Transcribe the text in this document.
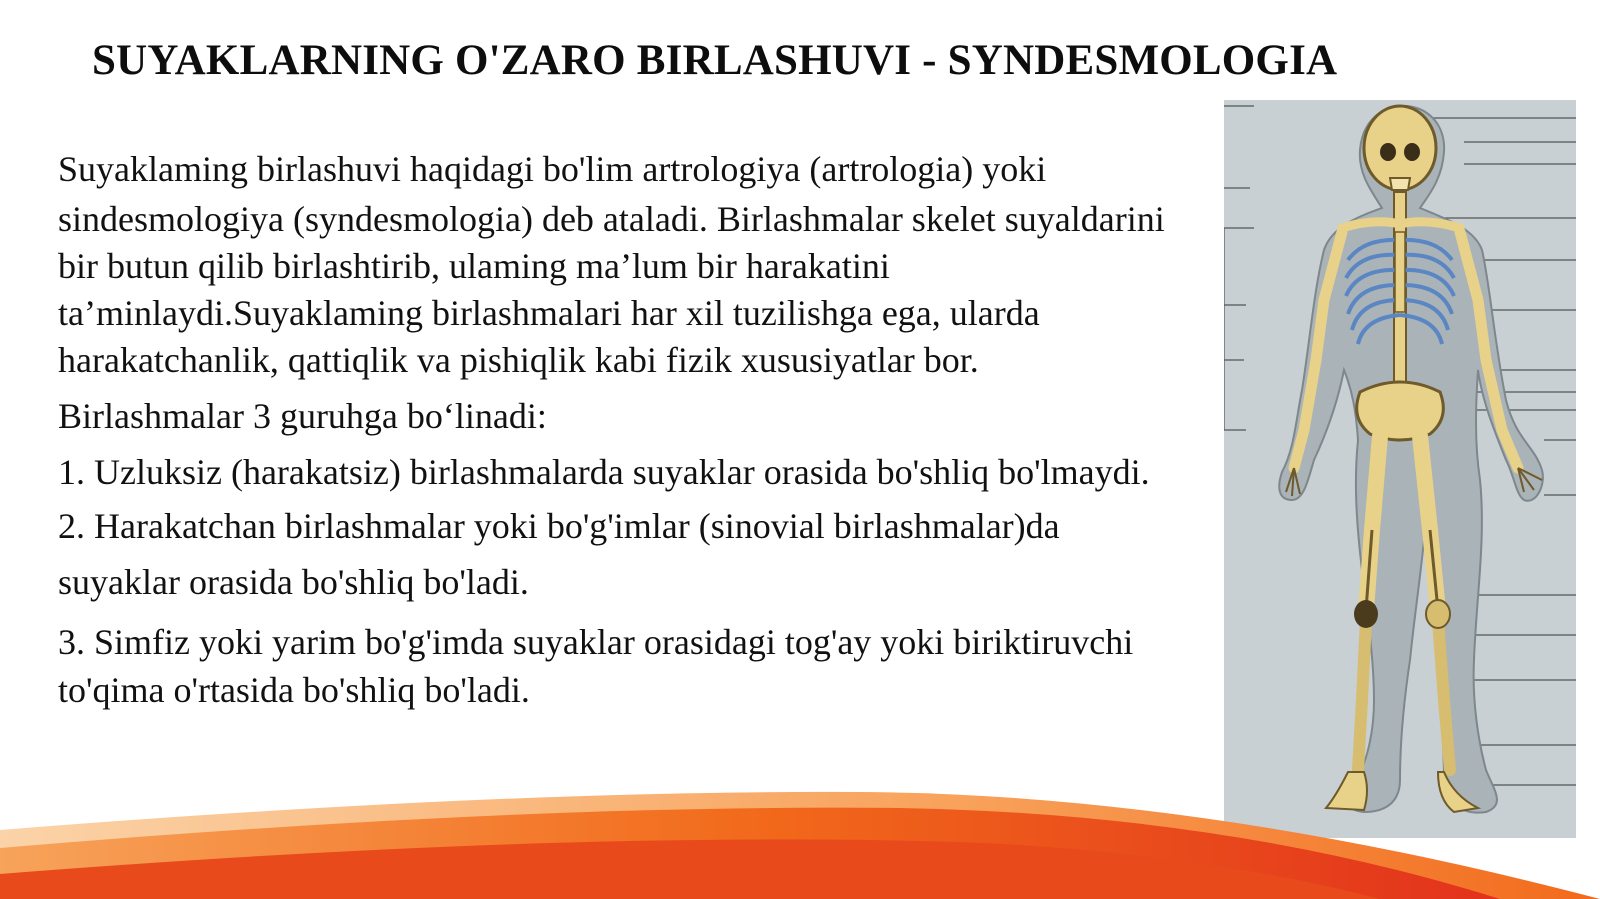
SUYAKLARNING O'ZARO BIRLASHUVI - SYNDESMOLOGIA

Suyaklaming birlashuvi haqidagi bo'lim artrologiya (artrologia) yoki

sindesmologiya (syndesmologia) deb ataladi. Birlashmalar skelet suyaldarini bir butun qilib birlashtirib, ulaming ma’lum bir harakatini ta’minlaydi.Suyaklaming birlashmalari har xil tuzilishga ega, ularda harakatchanlik, qattiqlik va pishiqlik kabi fizik xususiyatlar bor.

Birlashmalar 3 guruhga bo‘linadi:

1. Uzluksiz (harakatsiz) birlashmalarda suyaklar orasida bo'shliq bo'lmaydi.

2. Harakatchan birlashmalar yoki bo'g'imlar (sinovial birlashmalar)da suyaklar orasida bo'shliq bo'ladi.

3. Simfiz yoki yarim bo'g'imda suyaklar orasidagi tog'ay yoki biriktiruvchi to'qima o'rtasida bo'shliq bo'ladi.
